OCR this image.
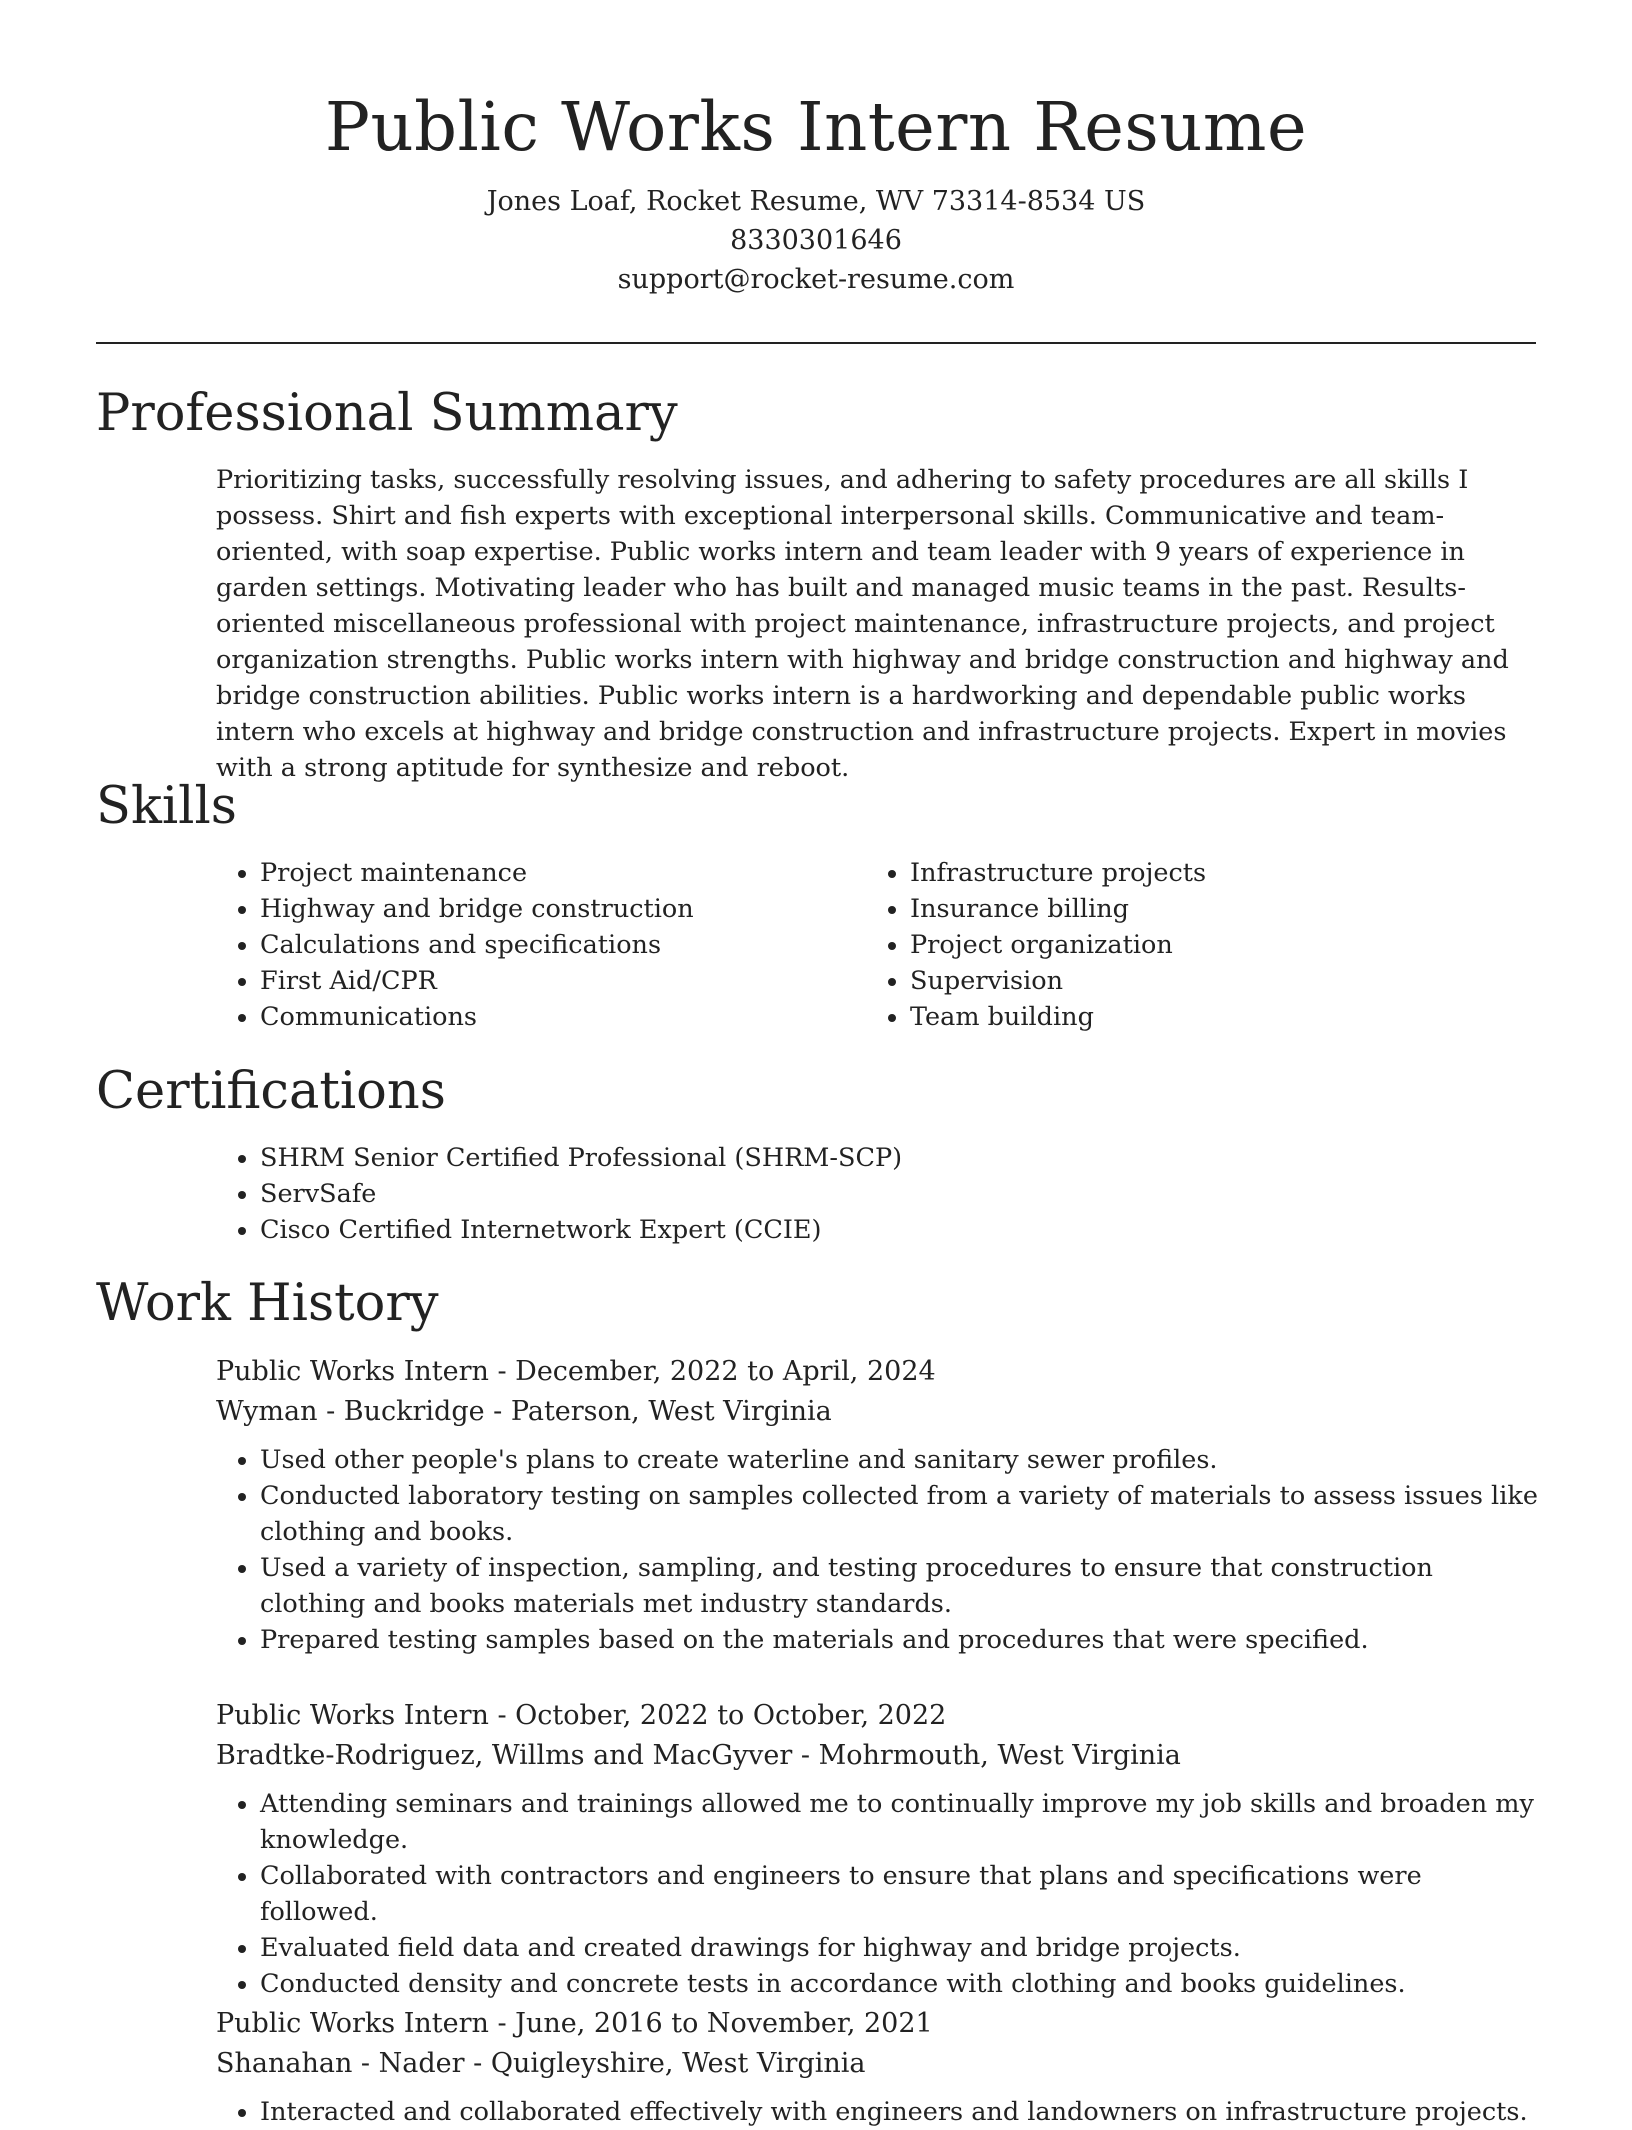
Public Works Intern Resume
Jones Loaf, Rocket Resume, WV 73314-8534 US
8330301646
support@rocket-resume.com
Professional Summary

Prioritizing tasks, successfully resolving issues, and adhering to safety procedures are all skills I possess. Shirt and fish experts with exceptional interpersonal skills. Communicative and team-oriented, with soap expertise. Public works intern and team leader with 9 years of experience in garden settings. Motivating leader who has built and managed music teams in the past. Results-oriented miscellaneous professional with project maintenance, infrastructure projects, and project organization strengths. Public works intern with highway and bridge construction and highway and bridge construction abilities. Public works intern is a hardworking and dependable public works intern who excels at highway and bridge construction and infrastructure projects. Expert in movies with a strong aptitude for synthesize and reboot.

Skills
• Project maintenance
• Highway and bridge construction
• Calculations and specifications
• First Aid/CPR
• Communications
• Infrastructure projects
• Insurance billing
• Project organization
• Supervision
• Team building
Certifications
• SHRM Senior Certified Professional (SHRM-SCP)
• ServSafe
• Cisco Certified Internetwork Expert (CCIE)
Work History
Public Works Intern - December, 2022 to April, 2024
Wyman - Buckridge - Paterson, West Virginia
• Used other people's plans to create waterline and sanitary sewer profiles.
• Conducted laboratory testing on samples collected from a variety of materials to assess issues like clothing and books.
• Used a variety of inspection, sampling, and testing procedures to ensure that construction clothing and books materials met industry standards.
• Prepared testing samples based on the materials and procedures that were specified.
Public Works Intern - October, 2022 to October, 2022
Bradtke-Rodriguez, Willms and MacGyver - Mohrmouth, West Virginia
• Attending seminars and trainings allowed me to continually improve my job skills and broaden my knowledge.
• Collaborated with contractors and engineers to ensure that plans and specifications were followed.
• Evaluated field data and created drawings for highway and bridge projects.
• Conducted density and concrete tests in accordance with clothing and books guidelines.
Public Works Intern - June, 2016 to November, 2021
Shanahan - Nader - Quigleyshire, West Virginia
• Interacted and collaborated effectively with engineers and landowners on infrastructure projects.
